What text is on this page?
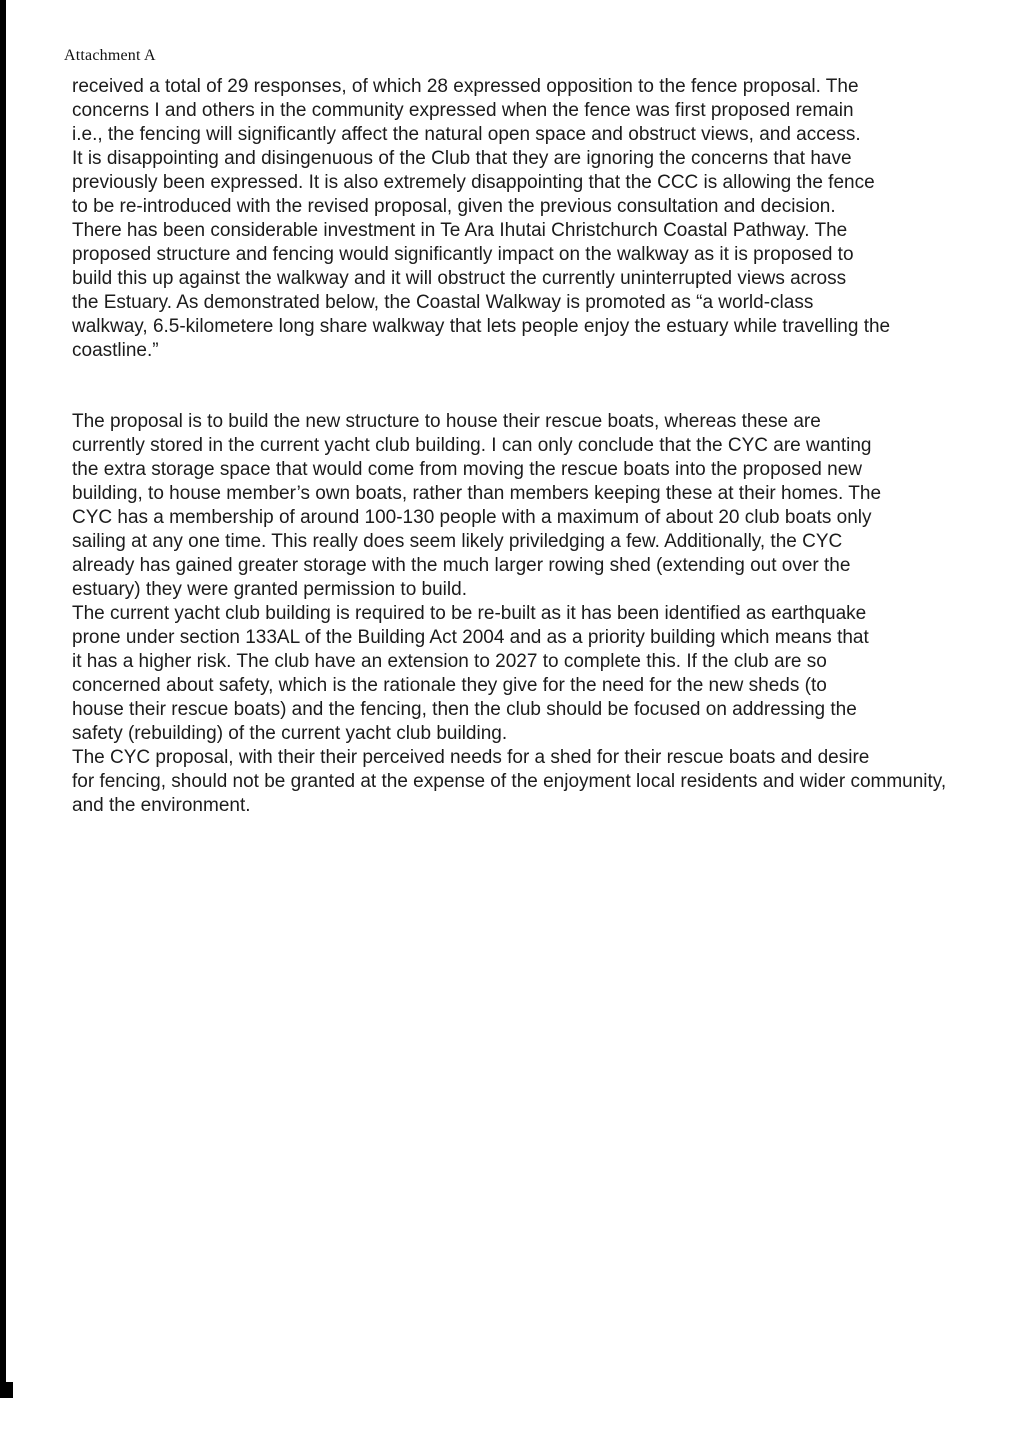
Attachment A
received a total of 29 responses, of which 28 expressed opposition to the fence proposal. The
concerns I and others in the community expressed when the fence was first proposed remain
i.e., the fencing will significantly affect the natural open space and obstruct views, and access.
It is disappointing and disingenuous of the Club that they are ignoring the concerns that have
previously been expressed. It is also extremely disappointing that the CCC is allowing the fence
to be re-introduced with the revised proposal, given the previous consultation and decision.
There has been considerable investment in Te Ara Ihutai Christchurch Coastal Pathway. The
proposed structure and fencing would significantly impact on the walkway as it is proposed to
build this up against the walkway and it will obstruct the currently uninterrupted views across
the Estuary. As demonstrated below, the Coastal Walkway is promoted as “a world-class
walkway, 6.5-kilometere long share walkway that lets people enjoy the estuary while travelling the
coastline.”
The proposal is to build the new structure to house their rescue boats, whereas these are
currently stored in the current yacht club building. I can only conclude that the CYC are wanting
the extra storage space that would come from moving the rescue boats into the proposed new
building, to house member’s own boats, rather than members keeping these at their homes. The
CYC has a membership of around 100-130 people with a maximum of about 20 club boats only
sailing at any one time. This really does seem likely priviledging a few. Additionally, the CYC
already has gained greater storage with the much larger rowing shed (extending out over the
estuary) they were granted permission to build.
The current yacht club building is required to be re-built as it has been identified as earthquake
prone under section 133AL of the Building Act 2004 and as a priority building which means that
it has a higher risk. The club have an extension to 2027 to complete this. If the club are so
concerned about safety, which is the rationale they give for the need for the new sheds (to
house their rescue boats) and the fencing, then the club should be focused on addressing the
safety (rebuilding) of the current yacht club building.
The CYC proposal, with their their perceived needs for a shed for their rescue boats and desire
for fencing, should not be granted at the expense of the enjoyment local residents and wider community,
and the environment.
